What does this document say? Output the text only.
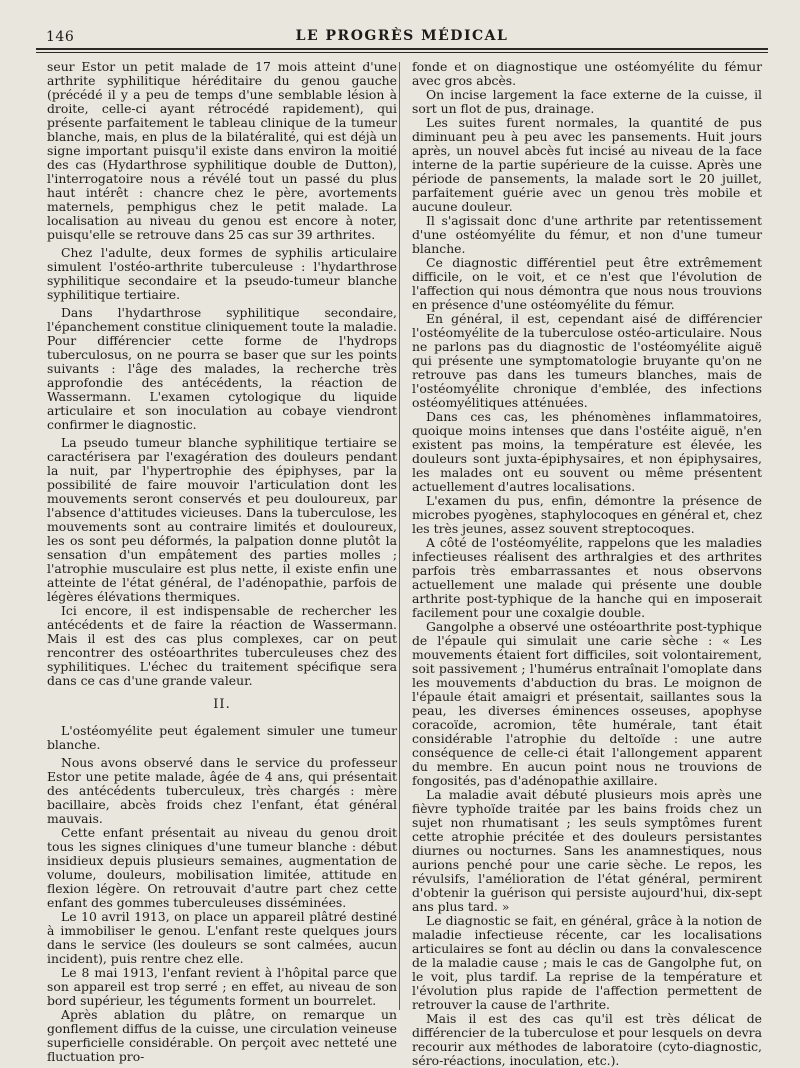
146	LE PROGRÈS MÉDICAL

seur Estor un petit malade de 17 mois atteint d'une arthrite syphilitique héréditaire du genou gauche (précédé il y a peu de temps d'une semblable lésion à droite, celle-ci ayant rétrocédé rapidement), qui présente parfaitement le tableau clinique de la tumeur blanche, mais, en plus de la bilatéralité, qui est déjà un signe important puisqu'il existe dans environ la moitié des cas (Hydarthrose syphilitique double de Dutton), l'interrogatoire nous a révélé tout un passé du plus haut intérêt : chancre chez le père, avortements maternels, pemphigus chez le petit malade. La localisation au niveau du genou est encore à noter, puisqu'elle se retrouve dans 25 cas sur 39 arthrites.

Chez l'adulte, deux formes de syphilis articulaire simulent l'ostéo-arthrite tuberculeuse : l'hydarthrose syphilitique secondaire et la pseudo-tumeur blanche syphilitique tertiaire.

Dans l'hydarthrose syphilitique secondaire, l'épanchement constitue cliniquement toute la maladie. Pour différencier cette forme de l'hydrops tuberculosus, on ne pourra se baser que sur les points suivants : l'âge des malades, la recherche très approfondie des antécédents, la réaction de Wassermann. L'examen cytologique du liquide articulaire et son inoculation au cobaye viendront confirmer le diagnostic.

La pseudo tumeur blanche syphilitique tertiaire se caractérisera par l'exagération des douleurs pendant la nuit, par l'hypertrophie des épiphyses, par la possibilité de faire mouvoir l'articulation dont les mouvements seront conservés et peu douloureux, par l'absence d'attitudes vicieuses. Dans la tuberculose, les mouvements sont au contraire limités et douloureux, les os sont peu déformés, la palpation donne plutôt la sensation d'un empâtement des parties molles ; l'atrophie musculaire est plus nette, il existe enfin une atteinte de l'état général, de l'adénopathie, parfois de légères élévations thermiques.

Ici encore, il est indispensable de rechercher les antécédents et de faire la réaction de Wassermann. Mais il est des cas plus complexes, car on peut rencontrer des ostéoarthrites tuberculeuses chez des syphilitiques. L'échec du traitement spécifique sera dans ce cas d'une grande valeur.

II.

L'ostéomyélite peut également simuler une tumeur blanche.

Nous avons observé dans le service du professeur Estor une petite malade, âgée de 4 ans, qui présentait des antécédents tuberculeux, très chargés : mère bacillaire, abcès froids chez l'enfant, état général mauvais.

Cette enfant présentait au niveau du genou droit tous les signes cliniques d'une tumeur blanche : début insidieux depuis plusieurs semaines, augmentation de volume, douleurs, mobilisation limitée, attitude en flexion légère. On retrouvait d'autre part chez cette enfant des gommes tuberculeuses disséminées.

Le 10 avril 1913, on place un appareil plâtré destiné à immobiliser le genou. L'enfant reste quelques jours dans le service (les douleurs se sont calmées, aucun incident), puis rentre chez elle.

Le 8 mai 1913, l'enfant revient à l'hôpital parce que son appareil est trop serré ; en effet, au niveau de son bord supérieur, les téguments forment un bourrelet.

Après ablation du plâtre, on remarque un gonflement diffus de la cuisse, une circulation veineuse superficielle considérable. On perçoit avec netteté une fluctuation pro-

fonde et on diagnostique une ostéomyélite du fémur avec gros abcès.

On incise largement la face externe de la cuisse, il sort un flot de pus, drainage.

Les suites furent normales, la quantité de pus diminuant peu à peu avec les pansements. Huit jours après, un nouvel abcès fut incisé au niveau de la face interne de la partie supérieure de la cuisse. Après une période de pansements, la malade sort le 20 juillet, parfaitement guérie avec un genou très mobile et aucune douleur.

Il s'agissait donc d'une arthrite par retentissement d'une ostéomyélite du fémur, et non d'une tumeur blanche.

Ce diagnostic différentiel peut être extrêmement difficile, on le voit, et ce n'est que l'évolution de l'affection qui nous démontra que nous nous trouvions en présence d'une ostéomyélite du fémur.

En général, il est, cependant aisé de différencier l'ostéomyélite de la tuberculose ostéo-articulaire. Nous ne parlons pas du diagnostic de l'ostéomyélite aiguë qui présente une symptomatologie bruyante qu'on ne retrouve pas dans les tumeurs blanches, mais de l'ostéomyélite chronique d'emblée, des infections ostéomyélitiques atténuées.

Dans ces cas, les phénomènes inflammatoires, quoique moins intenses que dans l'ostéite aiguë, n'en existent pas moins, la température est élevée, les douleurs sont juxta-épiphysaires, et non épiphysaires, les malades ont eu souvent ou même présentent actuellement d'autres localisations.

L'examen du pus, enfin, démontre la présence de microbes pyogènes, staphylocoques en général et, chez les très jeunes, assez souvent streptocoques.

A côté de l'ostéomyélite, rappelons que les maladies infectieuses réalisent des arthralgies et des arthrites parfois très embarrassantes et nous observons actuellement une malade qui présente une double arthrite post-typhique de la hanche qui en imposerait facilement pour une coxalgie double.

Gangolphe a observé une ostéoarthrite post-typhique de l'épaule qui simulait une carie sèche : « Les mouvements étaient fort difficiles, soit volontairement, soit passivement ; l'humérus entraînait l'omoplate dans les mouvements d'abduction du bras. Le moignon de l'épaule était amaigri et présentait, saillantes sous la peau, les diverses éminences osseuses, apophyse coracoïde, acromion, tête humérale, tant était considérable l'atrophie du deltoïde : une autre conséquence de celle-ci était l'allongement apparent du membre. En aucun point nous ne trouvions de fongosités, pas d'adénopathie axillaire.

La maladie avait débuté plusieurs mois après une fièvre typhoïde traitée par les bains froids chez un sujet non rhumatisant ; les seuls symptômes furent cette atrophie précitée et des douleurs persistantes diurnes ou nocturnes. Sans les anamnestiques, nous aurions penché pour une carie sèche. Le repos, les révulsifs, l'amélioration de l'état général, permirent d'obtenir la guérison qui persiste aujourd'hui, dix-sept ans plus tard. »

Le diagnostic se fait, en général, grâce à la notion de maladie infectieuse récente, car les localisations articulaires se font au déclin ou dans la convalescence de la maladie cause ; mais le cas de Gangolphe fut, on le voit, plus tardif. La reprise de la température et l'évolution plus rapide de l'affection permettent de retrouver la cause de l'arthrite.

Mais il est des cas qu'il est très délicat de différencier de la tuberculose et pour lesquels on devra recourir aux méthodes de laboratoire (cyto-diagnostic, séro-réactions, inoculation, etc.).
